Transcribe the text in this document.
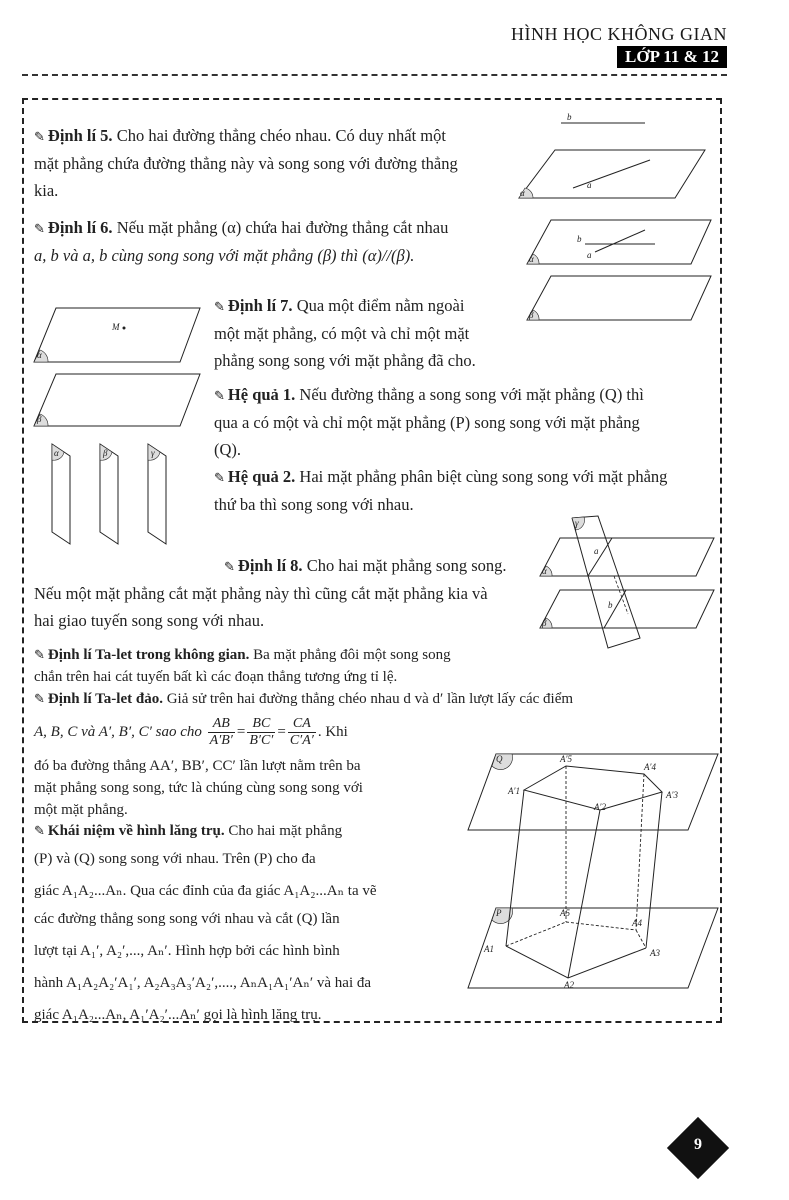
HÌNH HỌC KHÔNG GIAN
LỚP 11 & 12
✎ Định lí 5. Cho hai đường thẳng chéo nhau. Có duy nhất một
mặt phẳng chứa đường thẳng này và song song với đường thẳng
kia.
b
α
a
✎ Định lí 6. Nếu mặt phẳng (α) chứa hai đường thẳng cắt nhau
a, b và a, b cùng song song với mặt phẳng (β) thì (α)//(β).	α
b
a
β
α
M
β
✎ Định lí 7. Qua một điểm nằm ngoài
một mặt phẳng, có một và chỉ một mặt
phẳng song song với mặt phẳng đã cho.
✎ Hệ quả 1. Nếu đường thẳng a song song với mặt phẳng (Q) thì
qua a có một và chỉ một mặt phẳng (P) song song với mặt phẳng
(Q).
α	β	γ
✎ Hệ quả 2. Hai mặt phẳng phân biệt cùng song song với mặt phẳng
thứ ba thì song song với nhau.
α
β
γ
a
b
✎ Định lí 8. Cho hai mặt phẳng song song.
Nếu một mặt phẳng cắt mặt phẳng này thì cũng cắt mặt phẳng kia và
hai giao tuyến song song với nhau.
✎ Định lí Ta-let trong không gian. Ba mặt phẳng đôi một song song
chắn trên hai cát tuyến bất kì các đoạn thẳng tương ứng tỉ lệ.
✎ Định lí Ta-let đảo. Giả sử trên hai đường thẳng chéo nhau d và d′ lần lượt lấy các điểm
A, B, C và A′, B′, C′ sao cho $\frac{AB}{A'B'} = \frac{BC}{B'C'} = \frac{CA}{C'A'}$ . Khi
đó ba đường thẳng AA′, BB′, CC′ lần lượt nằm trên ba
mặt phẳng song song, tức là chúng cùng song song với
một mặt phẳng.
✎ Khái niệm về hình lăng trụ. Cho hai mặt phẳng
(P) và (Q) song song với nhau. Trên (P) cho đa
giác A₁A₂...Aₙ. Qua các đỉnh của đa giác A₁A₂...Aₙ ta vẽ
các đường thẳng song song với nhau và cắt (Q) lần
lượt tại A₁′, A₂′,..., Aₙ′. Hình hợp bởi các hình bình
hành A₁A₂A₂′A₁′, A₂A₃A₃′A₂′,...., AₙA₁A₁′Aₙ′ và hai đa
giác A₁A₂...Aₙ, A₁′A₂′...Aₙ′ gọi là hình lăng trụ.
Q
A′1
A′2
A′3
A′4
A′5
P
A1
A2
A3
A4
A5
9
